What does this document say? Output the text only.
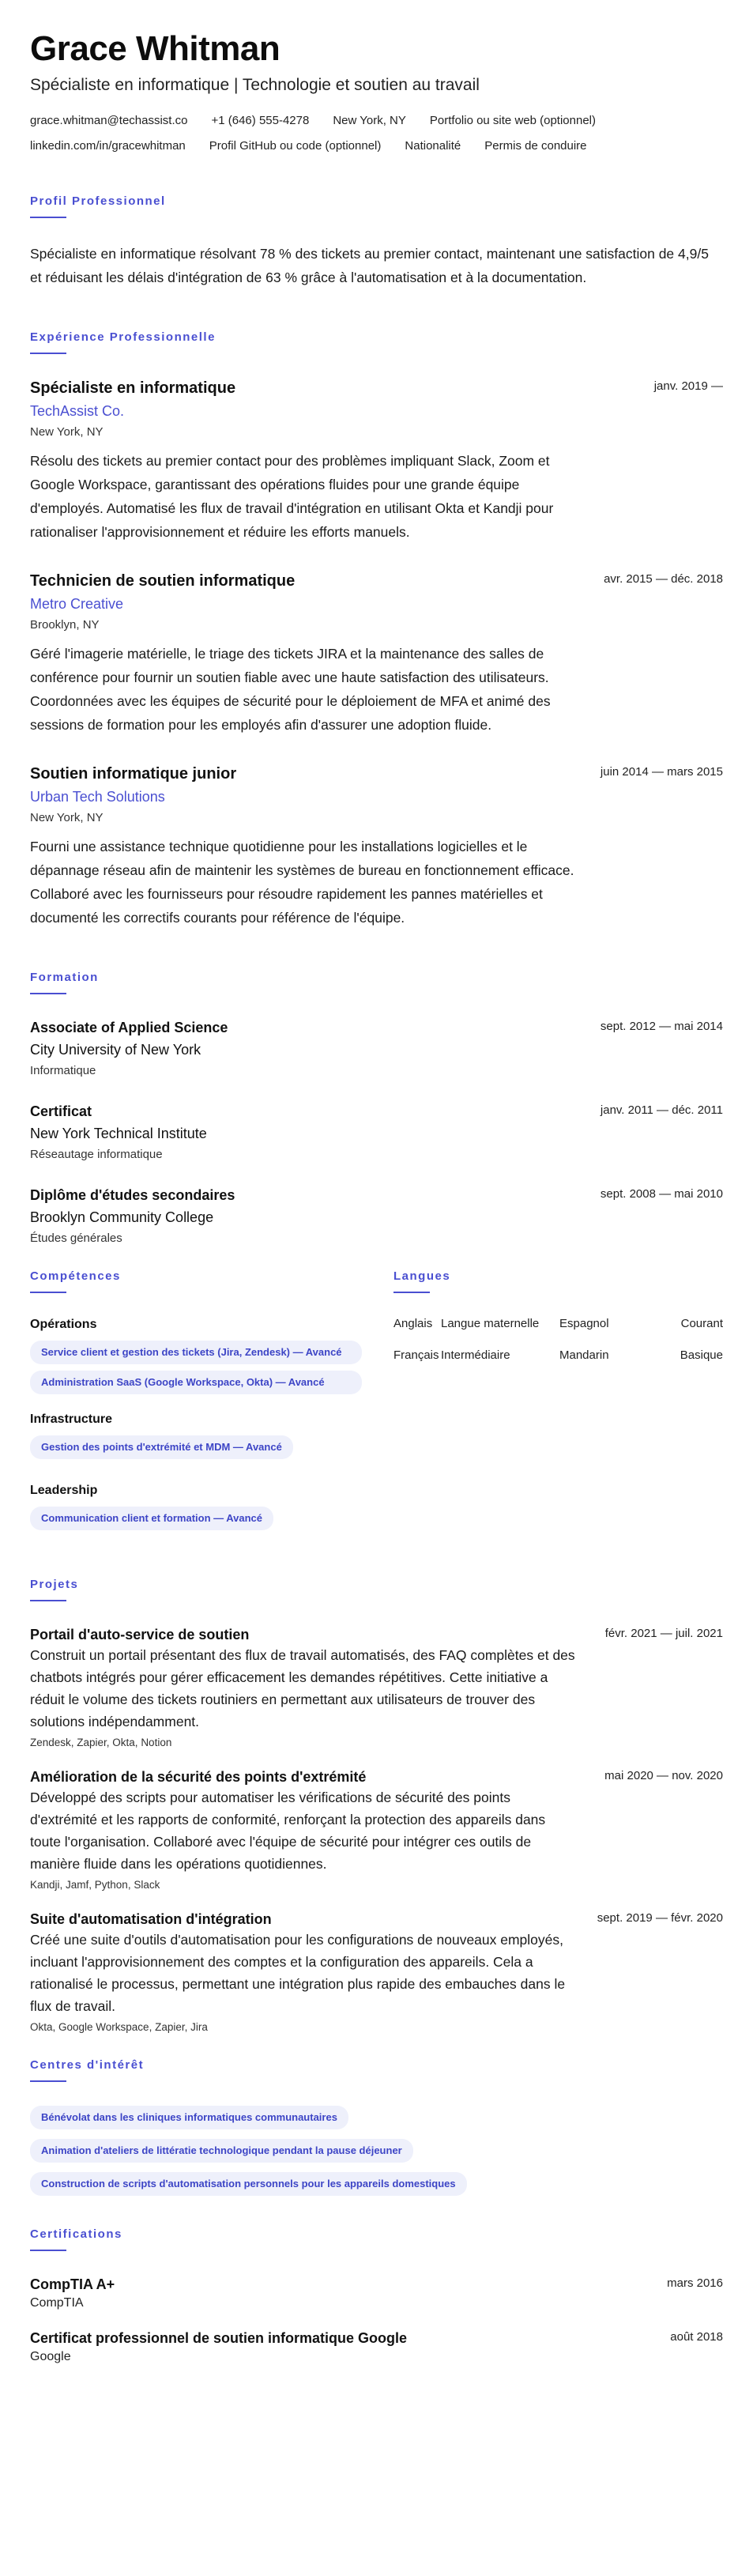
Grace Whitman
Spécialiste en informatique | Technologie et soutien au travail
grace.whitman@techassist.co +1 (646) 555-4278 New York, NY Portfolio ou site web (optionnel)
linkedin.com/in/gracewhitman Profil GitHub ou code (optionnel) Nationalité Permis de conduire
Profil Professionnel

Spécialiste en informatique résolvant 78 % des tickets au premier contact, maintenant une satisfaction de 4,9/5 et réduisant les délais d'intégration de 63 % grâce à l'automatisation et à la documentation.

Expérience Professionnelle
Spécialiste en informatique	janv. 2019 —
TechAssist Co.
New York, NY

Résolu des tickets au premier contact pour des problèmes impliquant Slack, Zoom et Google Workspace, garantissant des opérations fluides pour une grande équipe d'employés. Automatisé les flux de travail d'intégration en utilisant Okta et Kandji pour rationaliser l'approvisionnement et réduire les efforts manuels.

Technicien de soutien informatique	avr. 2015 — déc. 2018
Metro Creative
Brooklyn, NY

Géré l'imagerie matérielle, le triage des tickets JIRA et la maintenance des salles de conférence pour fournir un soutien fiable avec une haute satisfaction des utilisateurs. Coordonnées avec les équipes de sécurité pour le déploiement de MFA et animé des sessions de formation pour les employés afin d'assurer une adoption fluide.

Soutien informatique junior	juin 2014 — mars 2015
Urban Tech Solutions
New York, NY

Fourni une assistance technique quotidienne pour les installations logicielles et le dépannage réseau afin de maintenir les systèmes de bureau en fonctionnement efficace. Collaboré avec les fournisseurs pour résoudre rapidement les pannes matérielles et documenté les correctifs courants pour référence de l'équipe.

Formation
Associate of Applied Science	sept. 2012 — mai 2014
City University of New York
Informatique
Certificat	janv. 2011 — déc. 2011
New York Technical Institute
Réseautage informatique
Diplôme d'études secondaires	sept. 2008 — mai 2010
Brooklyn Community College
Études générales
Compétences
Opérations
Service client et gestion des tickets (Jira, Zendesk) — Avancé
Administration SaaS (Google Workspace, Okta) — Avancé
Infrastructure
Gestion des points d'extrémité et MDM — Avancé
Leadership
Communication client et formation — Avancé
Langues
Anglais Langue maternelle	Espagnol	Courant
Français Intermédiaire	Mandarin	Basique
Projets
Portail d'auto-service de soutien	févr. 2021 — juil. 2021

Construit un portail présentant des flux de travail automatisés, des FAQ complètes et des chatbots intégrés pour gérer efficacement les demandes répétitives. Cette initiative a réduit le volume des tickets routiniers en permettant aux utilisateurs de trouver des solutions indépendamment.

Zendesk, Zapier, Okta, Notion
Amélioration de la sécurité des points d'extrémité	mai 2020 — nov. 2020

Développé des scripts pour automatiser les vérifications de sécurité des points d'extrémité et les rapports de conformité, renforçant la protection des appareils dans toute l'organisation. Collaboré avec l'équipe de sécurité pour intégrer ces outils de manière fluide dans les opérations quotidiennes.

Kandji, Jamf, Python, Slack
Suite d'automatisation d'intégration	sept. 2019 — févr. 2020

Créé une suite d'outils d'automatisation pour les configurations de nouveaux employés, incluant l'approvisionnement des comptes et la configuration des appareils. Cela a rationalisé le processus, permettant une intégration plus rapide des embauches dans le flux de travail.

Okta, Google Workspace, Zapier, Jira
Centres d'intérêt
Bénévolat dans les cliniques informatiques communautaires
Animation d'ateliers de littératie technologique pendant la pause déjeuner
Construction de scripts d'automatisation personnels pour les appareils domestiques
Certifications
CompTIA A+	mars 2016
CompTIA
Certificat professionnel de soutien informatique Google	août 2018
Google
